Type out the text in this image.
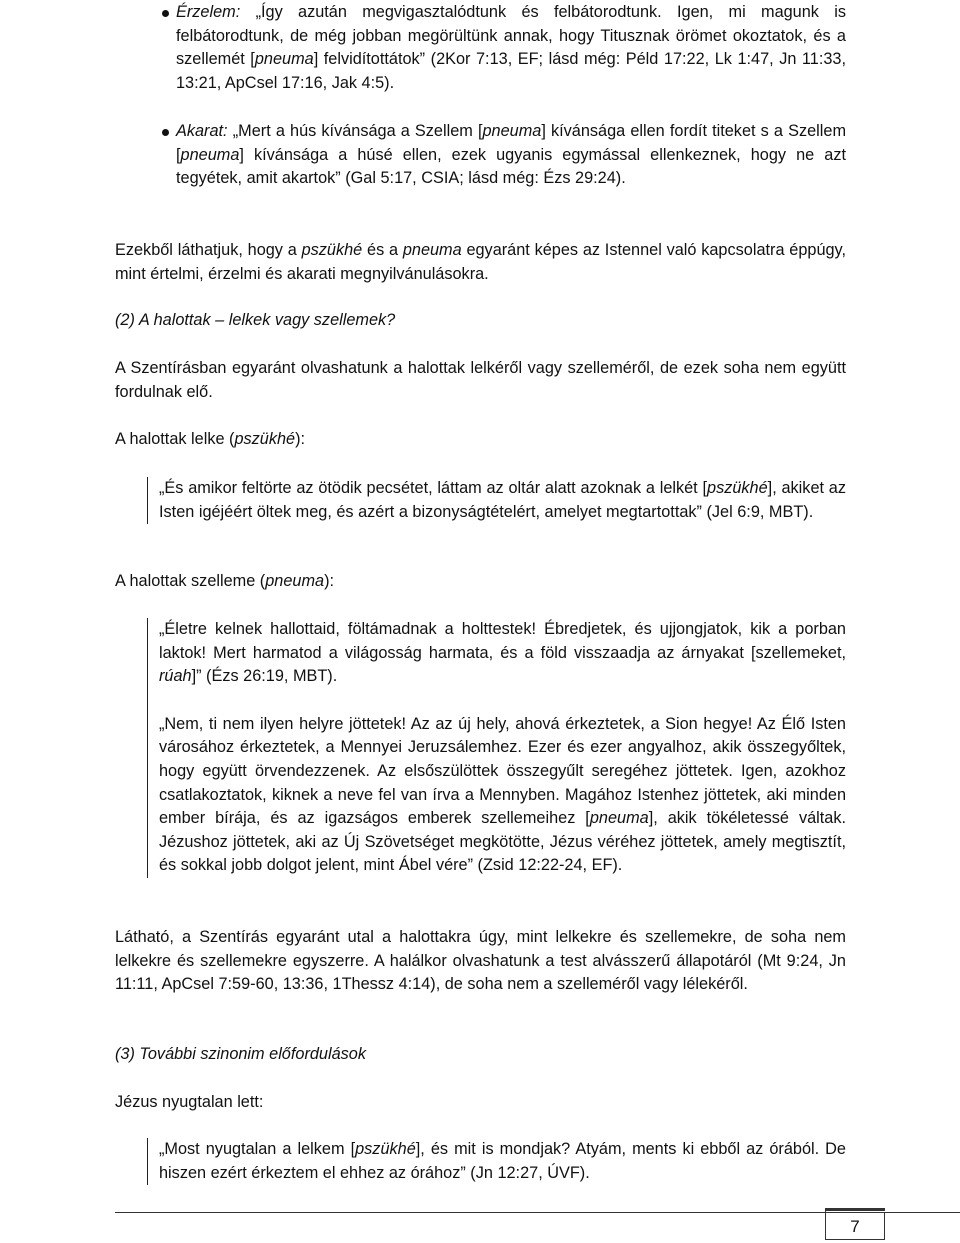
Érzelem: „Így azután megvigasztalódtunk és felbátorodtunk. Igen, mi magunk is felbátorodtunk, de még jobban megörültünk annak, hogy Titusznak örömet okoztatok, és a szellemét [pneuma] felvidítottátok” (2Kor 7:13, EF; lásd még: Péld 17:22, Lk 1:47, Jn 11:33, 13:21, ApCsel 17:16, Jak 4:5).

Akarat: „Mert a hús kívánsága a Szellem [pneuma] kívánsága ellen fordít titeket s a Szellem [pneuma] kívánsága a húsé ellen, ezek ugyanis egymással ellenkeznek, hogy ne azt tegyétek, amit akartok” (Gal 5:17, CSIA; lásd még: Ézs 29:24).

Ezekből láthatjuk, hogy a pszükhé és a pneuma egyaránt képes az Istennel való kapcsolatra éppúgy, mint értelmi, érzelmi és akarati megnyilvánulásokra.

(2) A halottak – lelkek vagy szellemek?

A Szentírásban egyaránt olvashatunk a halottak lelkéről vagy szelleméről, de ezek soha nem együtt fordulnak elő.

A halottak lelke (pszükhé):

„És amikor feltörte az ötödik pecsétet, láttam az oltár alatt azoknak a lelkét [pszükhé], akiket az Isten igéjéért öltek meg, és azért a bizonyságtételért, amelyet megtartottak” (Jel 6:9, MBT).

A halottak szelleme (pneuma):

„Életre kelnek hallottaid, föltámadnak a holttestek! Ébredjetek, és ujjongjatok, kik a porban laktok! Mert harmatod a világosság harmata, és a föld visszaadja az árnyakat [szellemeket, rúah]” (Ézs 26:19, MBT).

„Nem, ti nem ilyen helyre jöttetek! Az az új hely, ahová érkeztetek, a Sion hegye! Az Élő Isten városához érkeztetek, a Mennyei Jeruzsálemhez. Ezer és ezer angyalhoz, akik összegyőltek, hogy együtt örvendezzenek. Az elsőszülöttek összegyűlt seregéhez jöttetek. Igen, azokhoz csatlakoztatok, kiknek a neve fel van írva a Mennyben. Magához Istenhez jöttetek, aki minden ember bírája, és az igazságos emberek szellemeihez [pneuma], akik tökéletessé váltak. Jézushoz jöttetek, aki az Új Szövetséget megkötötte, Jézus véréhez jöttetek, amely megtisztít, és sokkal jobb dolgot jelent, mint Ábel vére” (Zsid 12:22-24, EF).

Látható, a Szentírás egyaránt utal a halottakra úgy, mint lelkekre és szellemekre, de soha nem lelkekre és szellemekre egyszerre. A halálkor olvashatunk a test alvásszerű állapotáról (Mt 9:24, Jn 11:11, ApCsel 7:59-60, 13:36, 1Thessz 4:14), de soha nem a szelleméről vagy lélekéről.

(3) További szinonim előfordulások

Jézus nyugtalan lett:

„Most nyugtalan a lelkem [pszükhé], és mit is mondjak? Atyám, ments ki ebből az órából. De hiszen ezért érkeztem el ehhez az órához” (Jn 12:27, ÚVF).

7
